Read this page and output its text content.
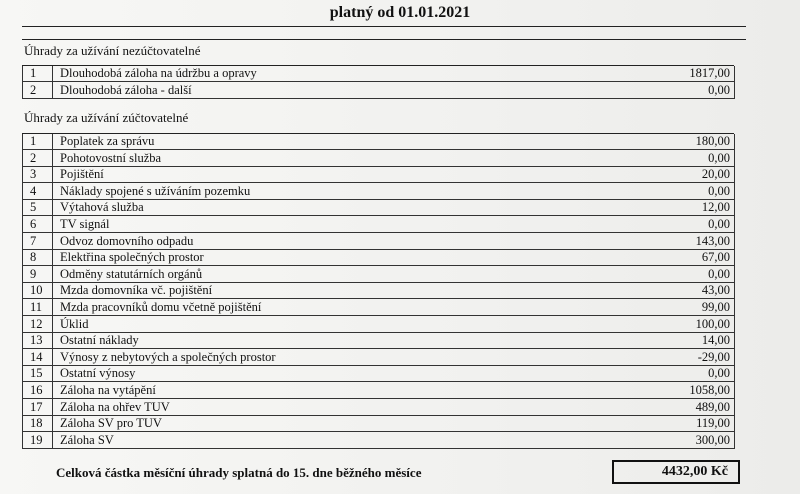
platný od 01.01.2021
Úhrady za užívání nezúčtovatelné
1	Dlouhodobá záloha na údržbu a opravy	1817,00
2	Dlouhodobá záloha - další	0,00
Úhrady za užívání zúčtovatelné
1	Poplatek za správu	180,00
2	Pohotovostní služba	0,00
3	Pojištění	20,00
4	Náklady spojené s užíváním pozemku	0,00
5	Výtahová služba	12,00
6	TV signál	0,00
7	Odvoz domovního odpadu	143,00
8	Elektřina společných prostor	67,00
9	Odměny statutárních orgánů	0,00
10	Mzda domovníka vč. pojištění	43,00
11	Mzda pracovníků domu včetně pojištění	99,00
12	Úklid	100,00
13	Ostatní náklady	14,00
14	Výnosy z nebytových a společných prostor	-29,00
15	Ostatní výnosy	0,00
16	Záloha na vytápění	1058,00
17	Záloha na ohřev TUV	489,00
18	Záloha SV pro TUV	119,00
19	Záloha SV	300,00
Celková částka měsíční úhrady splatná do 15. dne běžného měsíce	4432,00 Kč
